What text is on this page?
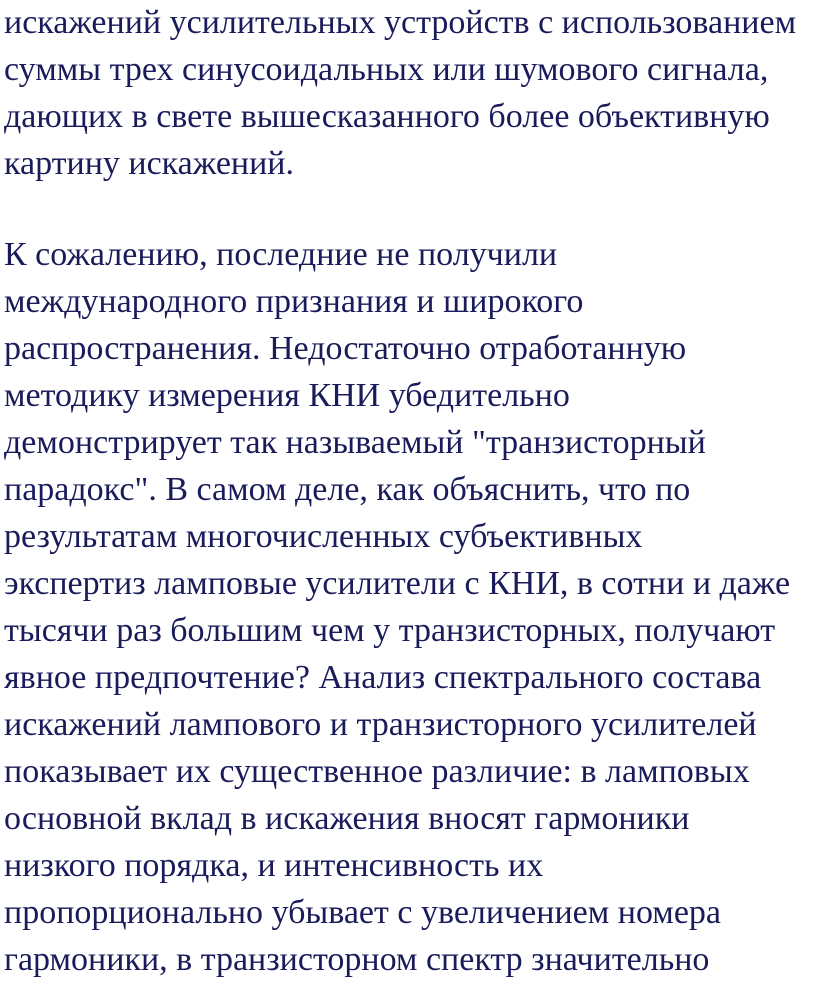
искажений усилительных устройств с использованием
суммы трех синусоидальных или шумового сигнала,
дающих в свете вышесказанного более объективную
картину искажений.
К сожалению, последние не получили
международного признания и широкого
распространения. Недостаточно отработанную
методику измерения КНИ убедительно
демонстрирует так называемый "транзисторный
парадокс". В самом деле, как объяснить, что по
результатам многочисленных субъективных
экспертиз ламповые усилители с КНИ, в сотни и даже
тысячи раз большим чем у транзисторных, получают
явное предпочтение? Анализ спектрального состава
искажений лампового и транзисторного усилителей
показывает их существенное различие: в ламповых
основной вклад в искажения вносят гармоники
низкого порядка, и интенсивность их
пропорционально убывает с увеличением номера
гармоники, в транзисторном спектр значительно
